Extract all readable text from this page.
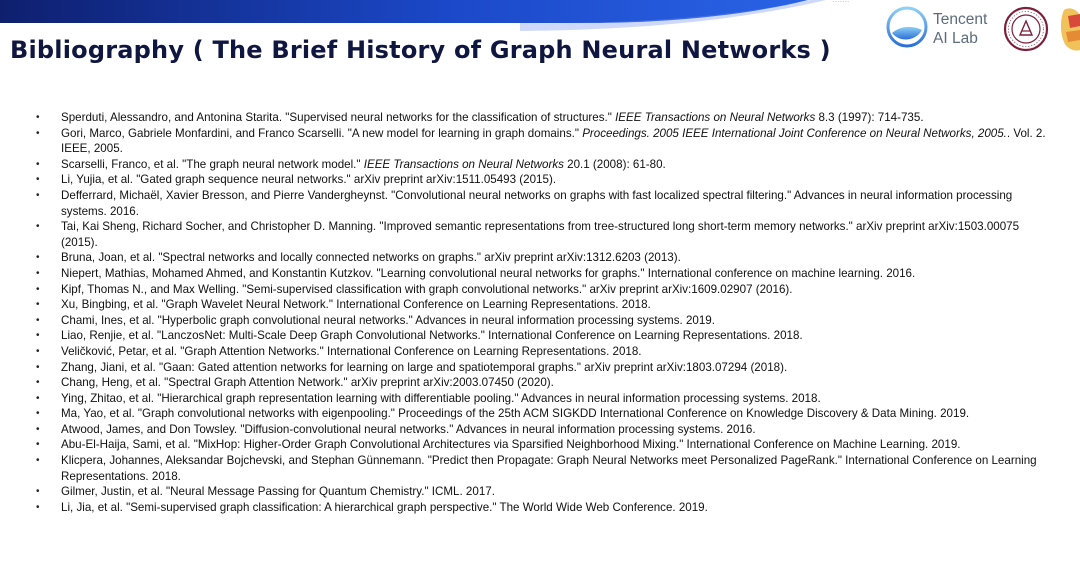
Bibliography ( The Brief History of Graph Neural Networks )
Tencent
AI Lab
• Sperduti, Alessandro, and Antonina Starita. "Supervised neural networks for the classification of structures." IEEE Transactions on Neural Networks 8.3 (1997): 714-735.
• Gori, Marco, Gabriele Monfardini, and Franco Scarselli. "A new model for learning in graph domains." Proceedings. 2005 IEEE International Joint Conference on Neural Networks, 2005.. Vol. 2. IEEE, 2005.
• Scarselli, Franco, et al. "The graph neural network model." IEEE Transactions on Neural Networks 20.1 (2008): 61-80.
• Li, Yujia, et al. "Gated graph sequence neural networks." arXiv preprint arXiv:1511.05493 (2015).
• Defferrard, Michaël, Xavier Bresson, and Pierre Vandergheynst. "Convolutional neural networks on graphs with fast localized spectral filtering." Advances in neural information processing systems. 2016.
• Tai, Kai Sheng, Richard Socher, and Christopher D. Manning. "Improved semantic representations from tree-structured long short-term memory networks." arXiv preprint arXiv:1503.00075 (2015).
• Bruna, Joan, et al. "Spectral networks and locally connected networks on graphs." arXiv preprint arXiv:1312.6203 (2013).
• Niepert, Mathias, Mohamed Ahmed, and Konstantin Kutzkov. "Learning convolutional neural networks for graphs." International conference on machine learning. 2016.
• Kipf, Thomas N., and Max Welling. "Semi-supervised classification with graph convolutional networks." arXiv preprint arXiv:1609.02907 (2016).
• Xu, Bingbing, et al. "Graph Wavelet Neural Network." International Conference on Learning Representations. 2018.
• Chami, Ines, et al. "Hyperbolic graph convolutional neural networks." Advances in neural information processing systems. 2019.
• Liao, Renjie, et al. "LanczosNet: Multi-Scale Deep Graph Convolutional Networks." International Conference on Learning Representations. 2018.
• Veličković, Petar, et al. "Graph Attention Networks." International Conference on Learning Representations. 2018.
• Zhang, Jiani, et al. "Gaan: Gated attention networks for learning on large and spatiotemporal graphs." arXiv preprint arXiv:1803.07294 (2018).
• Chang, Heng, et al. "Spectral Graph Attention Network." arXiv preprint arXiv:2003.07450 (2020).
• Ying, Zhitao, et al. "Hierarchical graph representation learning with differentiable pooling." Advances in neural information processing systems. 2018.
• Ma, Yao, et al. "Graph convolutional networks with eigenpooling." Proceedings of the 25th ACM SIGKDD International Conference on Knowledge Discovery & Data Mining. 2019.
• Atwood, James, and Don Towsley. "Diffusion-convolutional neural networks." Advances in neural information processing systems. 2016.
• Abu-El-Haija, Sami, et al. "MixHop: Higher-Order Graph Convolutional Architectures via Sparsified Neighborhood Mixing." International Conference on Machine Learning. 2019.
• Klicpera, Johannes, Aleksandar Bojchevski, and Stephan Günnemann. "Predict then Propagate: Graph Neural Networks meet Personalized PageRank." International Conference on Learning Representations. 2018.
• Gilmer, Justin, et al. "Neural Message Passing for Quantum Chemistry." ICML. 2017.
• Li, Jia, et al. "Semi-supervised graph classification: A hierarchical graph perspective." The World Wide Web Conference. 2019.
